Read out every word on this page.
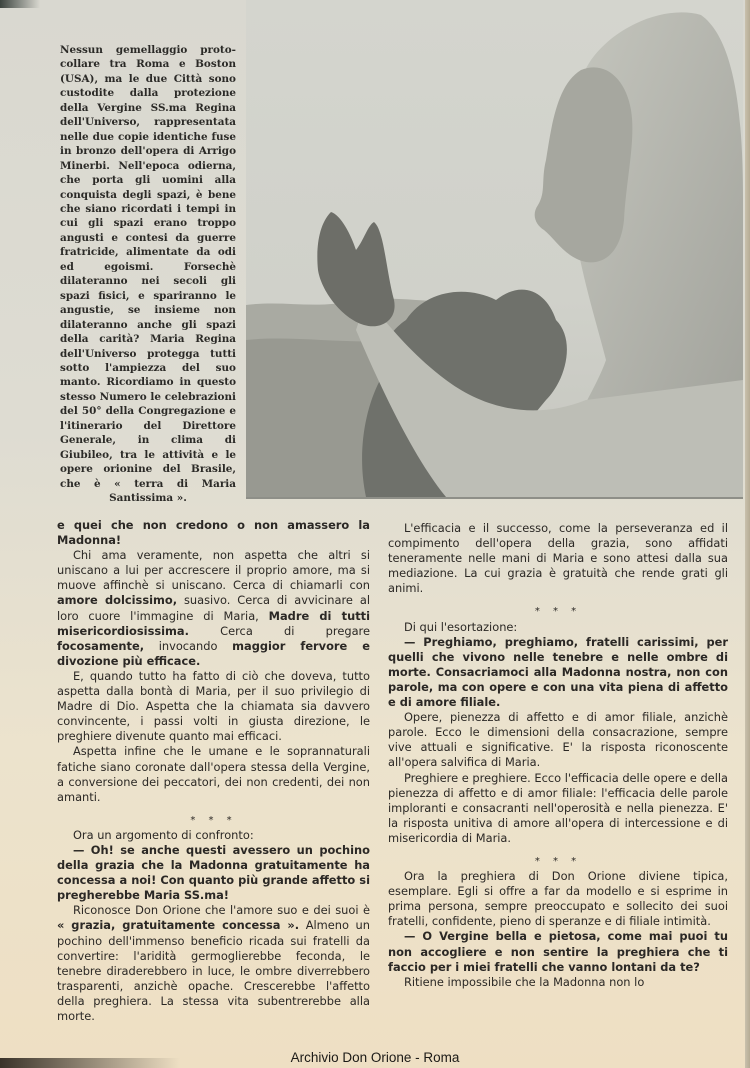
Nessun gemellaggio protocollare tra Roma e Boston (USA), ma le due Città sono custodite dalla protezione della Vergine SS.ma Regina dell'Universo, rappresentata nelle due copie identiche fuse in bronzo dell'opera di Arrigo Minerbi. Nell'epoca odierna, che porta gli uomini alla conquista degli spazi, è bene che siano ricordati i tempi in cui gli spazi erano troppo angusti e contesi da guerre fratricide, alimentate da odi ed egoismi. Forsechè dilateranno nei secoli gli spazi fisici, e spariranno le angustie, se insieme non dilateranno anche gli spazi della carità? Maria Regina dell'Universo protegga tutti sotto l'ampiezza del suo manto. Ricordiamo in questo stesso Numero le celebrazioni del 50° della Congregazione e l'itinerario del Direttore Generale, in clima di Giubileo, tra le attività e le opere orionine del Brasile, che è « terra di Maria Santissima ».

e quei che non credono o non amassero la Madonna!

Chi ama veramente, non aspetta che altri si uniscano a lui per accrescere il proprio amore, ma si muove affinchè si uniscano. Cerca di chiamarli con amore dolcissimo, suasivo. Cerca di avvicinare al loro cuore l'immagine di Maria, Madre di tutti misericordiosissima. Cerca di pregare focosamente, invocando maggior fervore e divozione più efficace.

E, quando tutto ha fatto di ciò che doveva, tutto aspetta dalla bontà di Maria, per il suo privilegio di Madre di Dio. Aspetta che la chiamata sia davvero convincente, i passi volti in giusta direzione, le preghiere divenute quanto mai efficaci.

Aspetta infine che le umane e le soprannaturali fatiche siano coronate dall'opera stessa della Vergine, a conversione dei peccatori, dei non credenti, dei non amanti.

* * *

Ora un argomento di confronto:

— Oh! se anche questi avessero un pochino della grazia che la Madonna gratuitamente ha concessa a noi! Con quanto più grande affetto si pregherebbe Maria SS.ma!

Riconosce Don Orione che l'amore suo e dei suoi è « grazia, gratuitamente concessa ». Almeno un pochino dell'immenso beneficio ricada sui fratelli da convertire: l'aridità germoglierebbe feconda, le tenebre diraderebbero in luce, le ombre diverrebbero trasparenti, anzichè opache. Crescerebbe l'affetto della preghiera. La stessa vita subentrerebbe alla morte.

L'efficacia e il successo, come la perseveranza ed il compimento dell'opera della grazia, sono affidati teneramente nelle mani di Maria e sono attesi dalla sua mediazione. La cui grazia è gratuità che rende grati gli animi.

* * *

Di qui l'esortazione:

— Preghiamo, preghiamo, fratelli carissimi, per quelli che vivono nelle tenebre e nelle ombre di morte. Consacriamoci alla Madonna nostra, non con parole, ma con opere e con una vita piena di affetto e di amore filiale.

Opere, pienezza di affetto e di amor filiale, anzichè parole. Ecco le dimensioni della consacrazione, sempre vive attuali e significative. E' la risposta riconoscente all'opera salvifica di Maria.

Preghiere e preghiere. Ecco l'efficacia delle opere e della pienezza di affetto e di amor filiale: l'efficacia delle parole imploranti e consacranti nell'operosità e nella pienezza. E' la risposta unitiva di amore all'opera di intercessione e di misericordia di Maria.

* * *

Ora la preghiera di Don Orione diviene tipica, esemplare. Egli si offre a far da modello e si esprime in prima persona, sempre preoccupato e sollecito dei suoi fratelli, confidente, pieno di speranze e di filiale intimità.

— O Vergine bella e pietosa, come mai puoi tu non accogliere e non sentire la preghiera che ti faccio per i miei fratelli che vanno lontani da te?

Ritiene impossibile che la Madonna non lo

Archivio Don Orione - Roma
